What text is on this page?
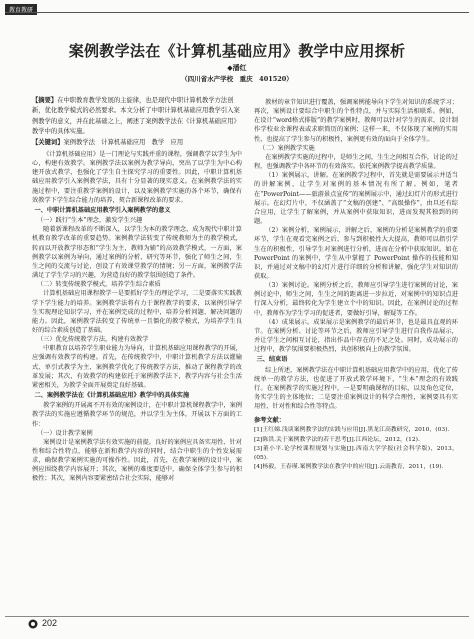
教育教研
案例教学法在《计算机基础应用》教学中应用探析
◆潘红
（四川省水产学校　重庆　401520）
【摘要】在中职教育教学发展的主旋律，也是现代中职计算机教学方法创新，优化教学模式的必然要求。本文分析了中职计算机基础应用教学引入案例教学的意义，并在此基础之上，阐述了案例教学法在《计算机基础应用》教学中的具体实施。
【关键词】案例教学法　计算机基础应用　教学　应用

《计算机基础应用》是一门理论与实践并重的课程，强调教学以学生为中心，构建有效教学。案例教学法以案例为教学导向，突出了以学生为中心构建开放式教学，也强化了学生自主探究学习的重要性。因此，中职计算机基础应用教学引入案例教学法，具有十分显著的现实意义。在案例教学法的实施过程中，要注重教学案例的设计，以及案例教学实施的各个环节，确保有效教学下学生综合能力的培养，契合新课程改革的要求。

一、中职计算机基础应用教学引入案例教学的意义

（一）践行“生本”理念，激发学生兴趣

随着新课程改革的不断深入，以学生为本的教学理念，成为现代中职计算机教育教学改革的重要趋势。案例教学法转变了传统教师为主的教学模式，转而以开放教学形态和“学生为主，教师为辅”的高效教学模式，一方面，案例教学以案例为导向，通过案例的分析、研究等环节，强化了师生之间，生生之间的交流与讨论，创设了有效课堂教学的情境；另一方面，案例教学法满足了学生学习的兴趣，为营造良好的教学氛围创造了条件。

（二）转变传统教学模式，培养学生综合素质

计算机基础应用课程教学一是要抓好学生的理论学习，二是要落实实践教学下学生能力的培养。案例教学法将有力于课程教学的要求，以案例引导学生实现理论知识学习，并在案例完成的过程中，培养分析问题、解决问题的能力。因此，案例教学法转变了传统单一且僵化的教学模式，为培养学生良好的综合素质创造了基础。

（三）优化传统教学方法，构建有效教学

中职教育以培养学生职业能力为导向，计算机基础应用课程教学的开展，应强调有效教学的构建。首先，在传统教学中，中职计算机教学方法以灌输式、单引式教学为主，案例教学优化了传统教学方法，推动了课程教学的改革发展；其次，有效教学的构建依托于案例教学法下，教学内容与社会生活紧密相关，为教学全面开展奠定良好基础。

二、案例教学法在《计算机基础应用》教学中的具体实施

教学案例的开展离不开有效的案例设计，在中职计算机课程教学中，案例教学法的实施应遵循教学环节的规范，并以学生为主体，开展以下方面的工作：

（一）设计教学案例

案例设计是案例教学法有效实施的前提。良好的案例应具备实用性、针对性和综合性特点，能够在新和教学内容的同时，结合中职生的个性发展需求，确保教学案例实施的可操作性。因此，首先，在教学案例的设计中，案例应围绕教学内容展开；其次，案例的难度要适中，确保全体学生参与的积极性；其次，案例内容要紧密结合社会实际，能够对

教材的章节知识进行覆盖，强调案例能导向下学生对知识的系统学习；再次，案例设计要综合中职生的个性特点，并与实际生活相联系。例如，在设计“word格式排版”的教学案例时，教师可以针对学生的需求，设计制作学校业余课程表或求职简历的案例；这样一来，不仅体现了案例的实用性，也提高了学生参与的积极性，案例更有效的面向于全体学生。

（二）案例教学实施

在案例教学实施的过程中，是师生之间，生生之间相互合作，讨论的过程，也强调教学中各环节的有效落实。依托案例教学提高教学质量。

（1）案例展示，讲解。在案例教学过程中，首先就是需要展示并适当的讲解案例，让学生对案例的基本情况有所了解。例如，笔者在“PowerPoint——旅游景点宣传”的案例展示中，通过幻灯片的形式进行展示。在幻灯片中，不仅涵盖了“文稿的创建”、“高级操作”，由旦还有综合应用，让学生了解案例，并从案例中获取知识，进而发现其独到的问题。

（2）案例分析，案例展示，讲解之后，案例的分析是案例教学的重要环节，学生在观看完案例之后，参与到积极性大大提高，教师可以指引学生在的积极性，引导学生对案例进行分析，进而在分析中获取知识。如在 PowerPoint 的案例中，学生从中掌握了 PowerPoint 操作的技能和知识，并通过对文稿中的幻灯片进行详细的分析和讲解，强化学生对知识的获取。

（3）案例讨论。案例分析之后，教师应引导学生进行案例的讨论，案例讨论中，师生之间，生生之间的距离进一步拉近，对案例中的知识点进行深入分析，最终转化为学生建立个中的知识。因此，在案例讨论的过程中，教师作为学生学习的促进者，要做好引导，解疑等工作。

（4）成果展示。成果展示是案例教学的最后环节，也是最具直观的环节。在案例分析、讨论等环节之后，教师应引导学生进行自我作品展示，并让学生之间相互讨论，指出作品中存在的不足之处。同时，成功展示的过程中，教学氛围要积极热烈，共创积极向上的教学氛围。

三、结束语

综上所述，案例教学法在中职计算机基础应用教学中的应用，优化了传统单一的教学方法，也促进了开放式教学环境下，“生本”理念的有效践行。在案例教学的实施过程中，一是要明确课程的目标，以及角色定位，务实学生的主体地位；二是要注重案例设计的科学合理性，案例要具有实用性、针对性和综合性等特点。

参考文献：

[1]王红娣.浅谈案例教学法的实践与应用[J].黑龙江高教研究，2010，(03).

[2]陈洪.关于案例教学法的若干思考[J].江西论坛，2012，(12).

[3]董小平.论学校课程规划与实施[J].西南大学学报(社会科学版)，2013，(05).

[4]杨毅，王春瑾.案例教学法在教学中的应用[J].云南教育，2011，(19).

202
